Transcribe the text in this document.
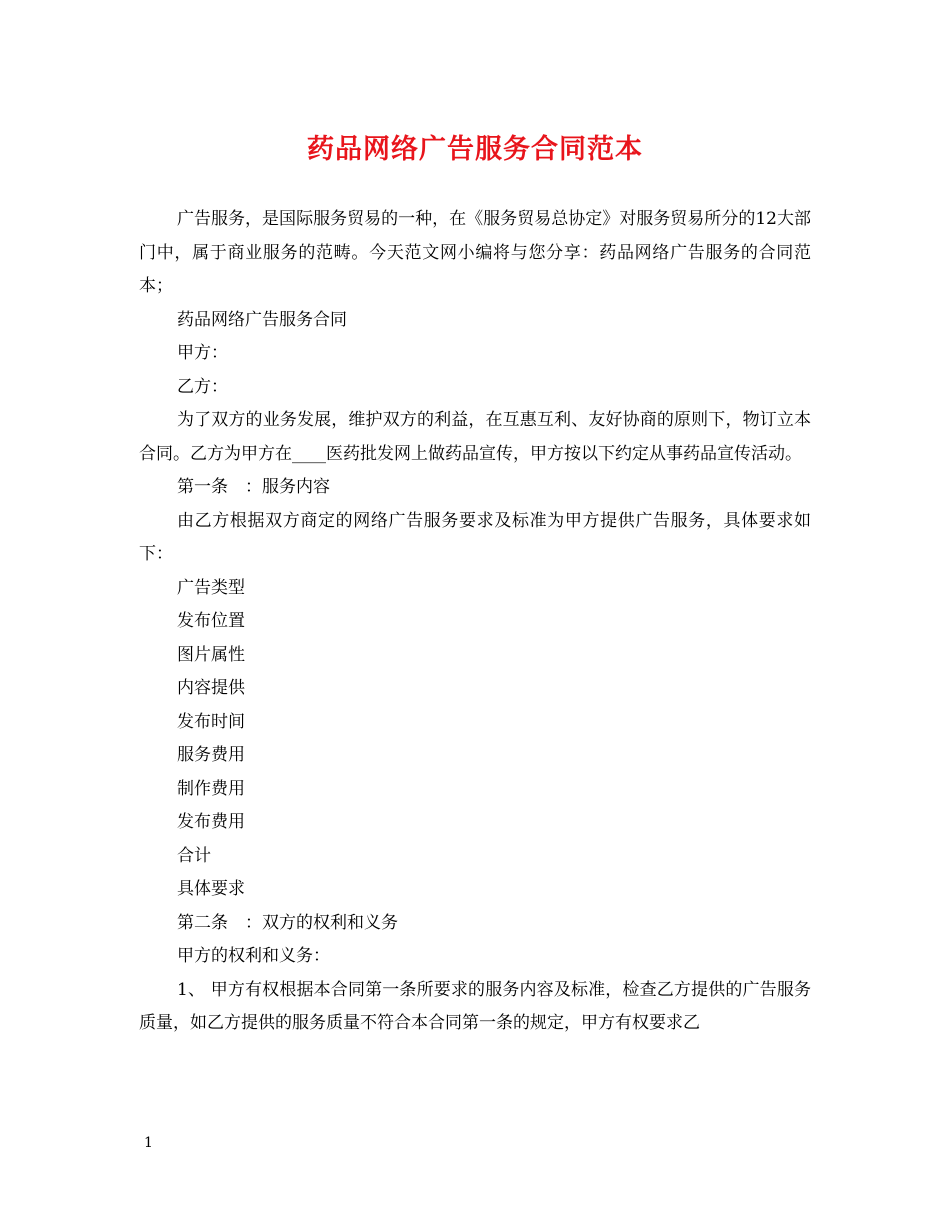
药品网络广告服务合同范本

广告服务，是国际服务贸易的一种，在《服务贸易总协定》对服务贸易所分的12大部门中，属于商业服务的范畴。今天范文网小编将与您分享：药品网络广告服务的合同范本；

药品网络广告服务合同

甲方：

乙方：

为了双方的业务发展，维护双方的利益，在互惠互利、友好协商的原则下，物订立本合同。乙方为甲方在____医药批发网上做药品宣传，甲方按以下约定从事药品宣传活动。

第一条　：服务内容

由乙方根据双方商定的网络广告服务要求及标准为甲方提供广告服务，具体要求如下：

广告类型

发布位置

图片属性

内容提供

发布时间

服务费用

制作费用

发布费用

合计

具体要求

第二条　：双方的权利和义务

甲方的权利和义务：

1、 甲方有权根据本合同第一条所要求的服务内容及标准，检查乙方提供的广告服务质量，如乙方提供的服务质量不符合本合同第一条的规定，甲方有权要求乙

1
